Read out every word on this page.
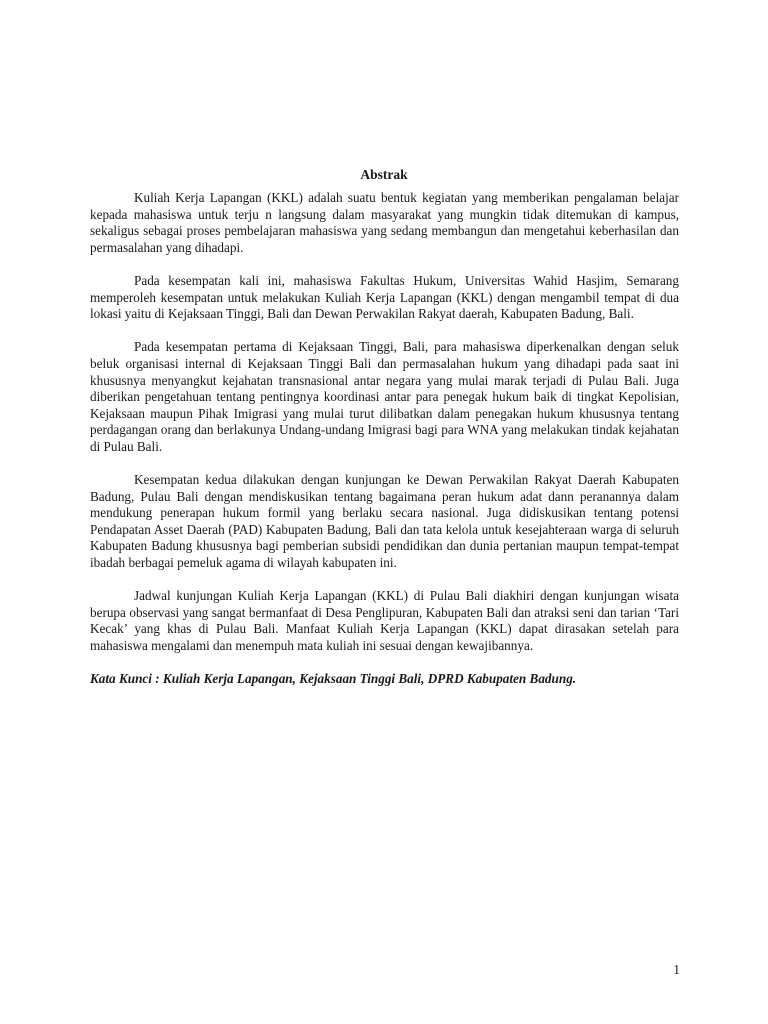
Abstrak

Kuliah Kerja Lapangan (KKL) adalah suatu bentuk kegiatan yang memberikan pengalaman belajar kepada mahasiswa untuk terju n langsung dalam masyarakat yang mungkin tidak ditemukan di kampus, sekaligus sebagai proses pembelajaran mahasiswa yang sedang membangun dan mengetahui keberhasilan dan permasalahan yang dihadapi.

Pada kesempatan kali ini, mahasiswa Fakultas Hukum, Universitas Wahid Hasjim, Semarang memperoleh kesempatan untuk melakukan Kuliah Kerja Lapangan (KKL) dengan mengambil tempat di dua lokasi yaitu di Kejaksaan Tinggi, Bali dan Dewan Perwakilan Rakyat daerah, Kabupaten Badung, Bali.

Pada kesempatan pertama di Kejaksaan Tinggi, Bali, para mahasiswa diperkenalkan dengan seluk beluk organisasi internal di Kejaksaan Tinggi Bali dan permasalahan hukum yang dihadapi pada saat ini khususnya menyangkut kejahatan transnasional antar negara yang mulai marak terjadi di Pulau Bali. Juga diberikan pengetahuan tentang pentingnya koordinasi antar para penegak hukum baik di tingkat Kepolisian, Kejaksaan maupun Pihak Imigrasi yang mulai turut dilibatkan dalam penegakan hukum khususnya tentang perdagangan orang dan berlakunya Undang-undang Imigrasi bagi para WNA yang melakukan tindak kejahatan di Pulau Bali.

Kesempatan kedua dilakukan dengan kunjungan ke Dewan Perwakilan Rakyat Daerah Kabupaten Badung, Pulau Bali dengan mendiskusikan tentang bagaimana peran hukum adat dann peranannya dalam mendukung penerapan hukum formil yang berlaku secara nasional. Juga didiskusikan tentang potensi Pendapatan Asset Daerah (PAD) Kabupaten Badung, Bali dan tata kelola untuk kesejahteraan warga di seluruh Kabupaten Badung khususnya bagi pemberian subsidi pendidikan dan dunia pertanian maupun tempat-tempat ibadah berbagai pemeluk agama di wilayah kabupaten ini.

Jadwal kunjungan Kuliah Kerja Lapangan (KKL) di Pulau Bali diakhiri dengan kunjungan wisata berupa observasi yang sangat bermanfaat di Desa Penglipuran, Kabupaten Bali dan atraksi seni dan tarian ‘Tari Kecak’ yang khas di Pulau Bali. Manfaat Kuliah Kerja Lapangan (KKL) dapat dirasakan setelah para mahasiswa mengalami dan menempuh mata kuliah ini sesuai dengan kewajibannya.

Kata Kunci : Kuliah Kerja Lapangan, Kejaksaan Tinggi Bali, DPRD Kabupaten Badung.

1
